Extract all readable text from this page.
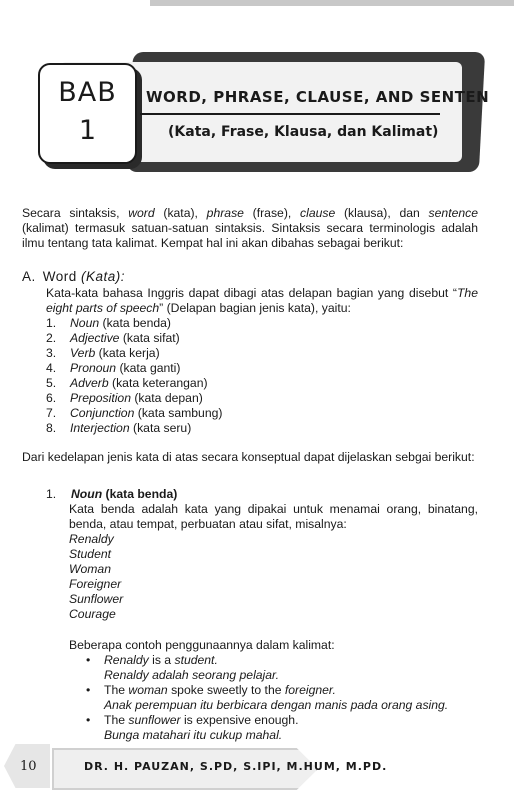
BAB
1
WORD, PHRASE, CLAUSE, AND SENTEN
(Kata, Frase, Klausa, dan Kalimat)

Secara sintaksis, word (kata), phrase (frase), clause (klausa), dan sentence (kalimat) termasuk satuan-satuan sintaksis. Sintaksis secara terminologis adalah ilmu tentang tata kalimat. Kempat hal ini akan dibahas sebagai berikut:

A. Word (Kata):

Kata-kata bahasa Inggris dapat dibagi atas delapan bagian yang disebut “The eight parts of speech” (Delapan bagian jenis kata), yaitu:

1. Noun (kata benda)
2. Adjective (kata sifat)
3. Verb (kata kerja)
4. Pronoun (kata ganti)
5. Adverb (kata keterangan)
6. Preposition (kata depan)
7. Conjunction (kata sambung)
8. Interjection (kata seru)

Dari kedelapan jenis kata di atas secara konseptual dapat dijelaskan sebgai berikut:

1. Noun (kata benda)

Kata benda adalah kata yang dipakai untuk menamai orang, binatang, benda, atau tempat, perbuatan atau sifat, misalnya:

Renaldy
Student
Woman
Foreigner
Sunflower
Courage

Beberapa contoh penggunaannya dalam kalimat:

• Renaldy is a student.
Renaldy adalah seorang pelajar.
• The woman spoke sweetly to the foreigner.
Anak perempuan itu berbicara dengan manis pada orang asing.
• The sunflower is expensive enough.
Bunga matahari itu cukup mahal.
10	DR. H. PAUZAN, S.PD, S.IPI, M.HUM, M.PD.
